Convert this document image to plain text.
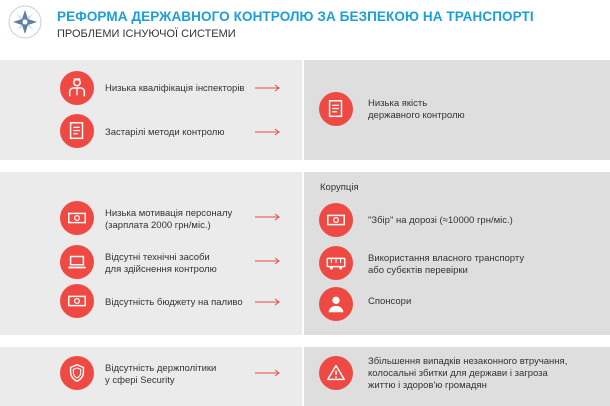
РЕФОРМА ДЕРЖАВНОГО КОНТРОЛЮ ЗА БЕЗПЕКОЮ НА ТРАНСПОРТІ
ПРОБЛЕМИ ІСНУЮЧОЇ СИСТЕМИ
Низька кваліфікація інспекторів
Застарілі методи контролю
Низька якість
державного контролю
Корупція
Низька мотивація персоналу
(зарплата 2000 грн/міс.)
Відсутні технічні засоби
для здійснення контролю
Відсутність бюджету на паливо
"Збір" на дорозі (≈10000 грн/міс.)
Використання власного транспорту
або субєктів перевірки
Спонсори
Відсутність держполітики
у сфері Security
Збільшення випадків незаконного втручання,
колосальні збитки для держави і загроза
життю і здоров'ю громадян
